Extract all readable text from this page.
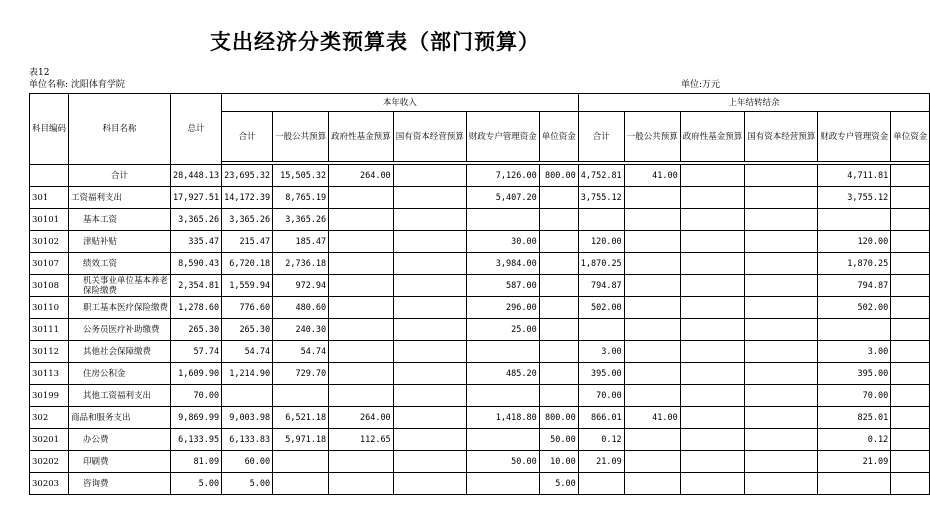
支出经济分类预算表（部门预算）
表12
单位名称: 沈阳体育学院	单位:万元
科目编码	科目名称	总计	本年收入						上年结转结余					
			合计	一般公共预算	政府性基金预算	国有资本经营预算	财政专户管理资金	单位资金	合计	一般公共预算	政府性基金预算	国有资本经营预算	财政专户管理资金	单位资金

	合计	28,448.13	23,695.32	15,505.32	264.00		7,126.00	800.00	4,752.81	41.00			4,711.81	
301	工资福利支出	17,927.51	14,172.39	8,765.19			5,407.20		3,755.12				3,755.12	
30101	基本工资	3,365.26	3,365.26	3,365.26										
30102	津贴补贴	335.47	215.47	185.47			30.00		120.00				120.00	
30107	绩效工资	8,590.43	6,720.18	2,736.18			3,984.00		1,870.25				1,870.25	
30108	机关事业单位基本养老保险缴费	2,354.81	1,559.94	972.94			587.00		794.87				794.87	
30110	职工基本医疗保险缴费	1,278.60	776.60	480.60			296.00		502.00				502.00	
30111	公务员医疗补助缴费	265.30	265.30	240.30			25.00							
30112	其他社会保障缴费	57.74	54.74	54.74					3.00				3.00	
30113	住房公积金	1,609.90	1,214.90	729.70			485.20		395.00				395.00	
30199	其他工资福利支出	70.00							70.00				70.00	
302	商品和服务支出	9,869.99	9,003.98	6,521.18	264.00		1,418.80	800.00	866.01	41.00			825.01	
30201	办公费	6,133.95	6,133.83	5,971.18	112.65			50.00	0.12				0.12	
30202	印刷费	81.09	60.00				50.00	10.00	21.09				21.09	
30203	咨询费	5.00	5.00					5.00						
